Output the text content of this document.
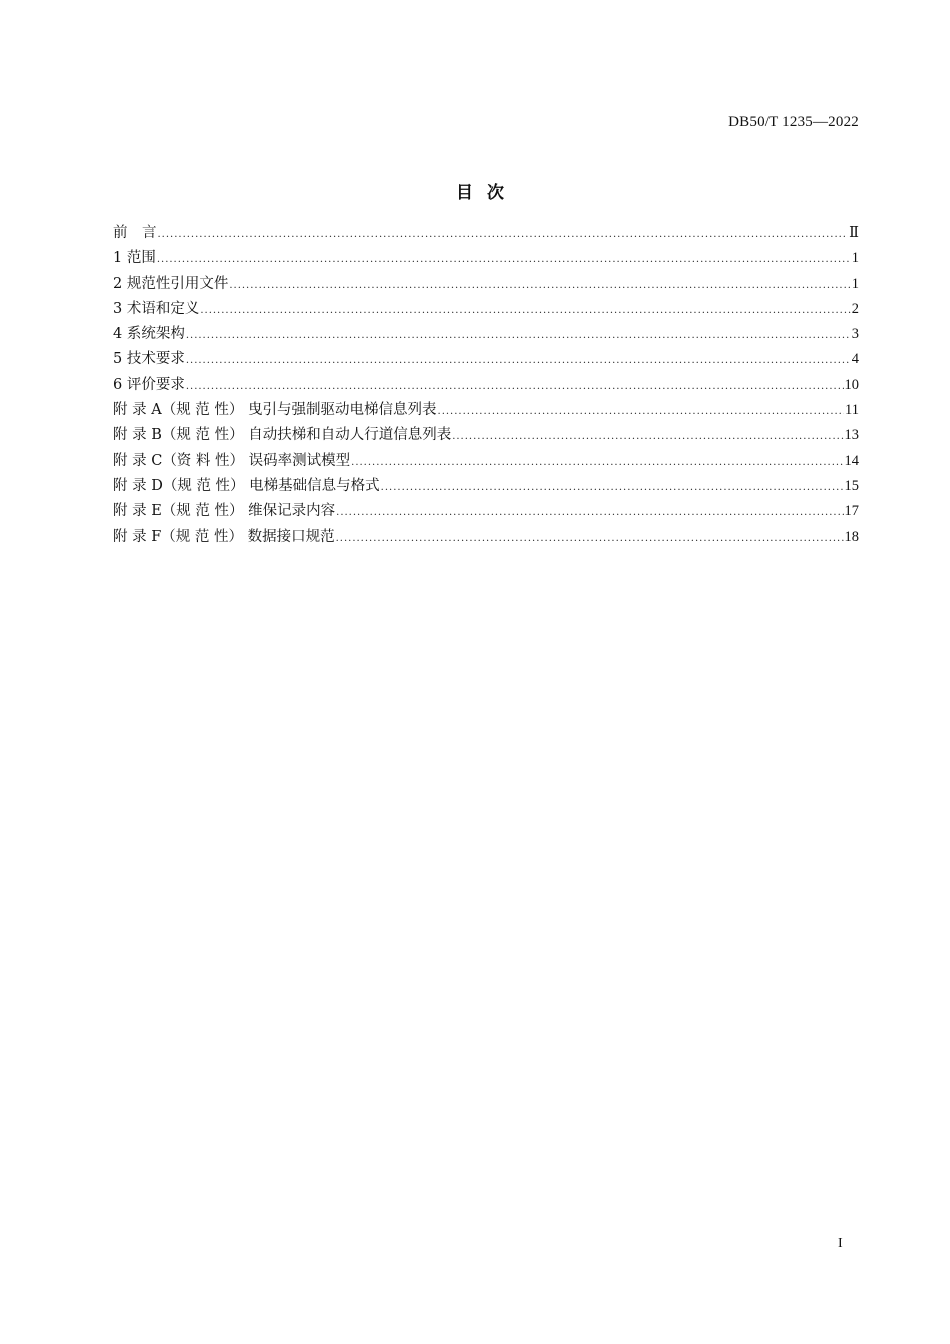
DB50/T 1235—2022
目次
前　言 .....	Ⅱ
1 范围 .....	1
2 规范性引用文件 .....	1
3 术语和定义 .....	2
4 系统架构 .....	3
5 技术要求 .....	4
6 评价要求 .....	10
附 录 A（规 范 性） 曳引与强制驱动电梯信息列表 .....	11
附 录 B（规 范 性） 自动扶梯和自动人行道信息列表 .....	13
附 录 C（资 料 性） 误码率测试模型 .....	14
附 录 D（规 范 性） 电梯基础信息与格式 .....	15
附 录 E（规 范 性） 维保记录内容 .....	17
附 录 F（规 范 性） 数据接口规范 .....	18
I
